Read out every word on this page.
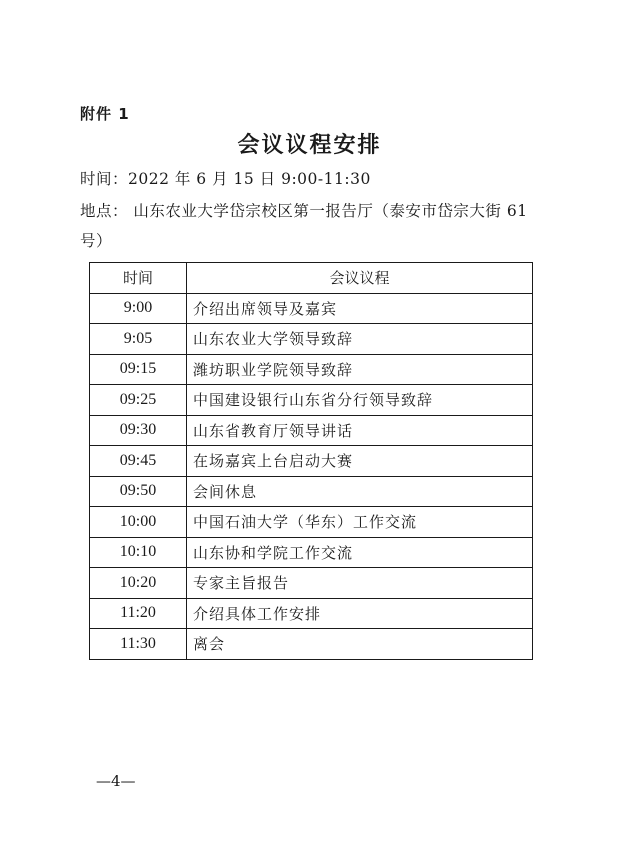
附件 1
会议议程安排
时间：2022 年 6 月 15 日 9:00-11:30
地点： 山东农业大学岱宗校区第一报告厅（泰安市岱宗大街 61
号）
时间	会议议程
9:00	介绍出席领导及嘉宾
9:05	山东农业大学领导致辞
09:15	潍坊职业学院领导致辞
09:25	中国建设银行山东省分行领导致辞
09:30	山东省教育厅领导讲话
09:45	在场嘉宾上台启动大赛
09:50	会间休息
10:00	中国石油大学（华东）工作交流
10:10	山东协和学院工作交流
10:20	专家主旨报告
11:20	介绍具体工作安排
11:30	离会
—4—
